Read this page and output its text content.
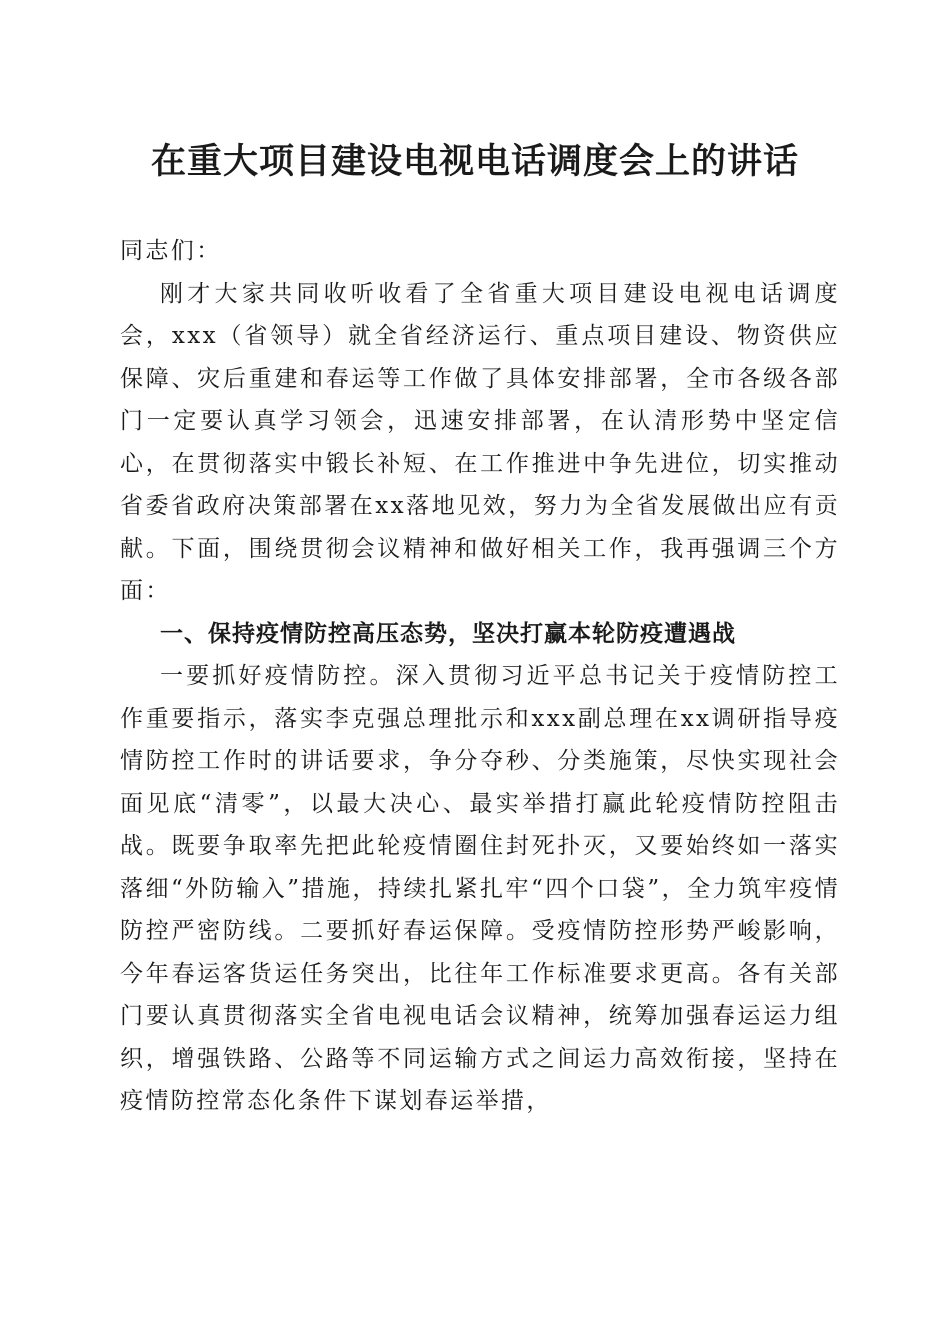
在重大项目建设电视电话调度会上的讲话

同志们：

刚才大家共同收听收看了全省重大项目建设电视电话调度会，xxx（省领导）就全省经济运行、重点项目建设、物资供应保障、灾后重建和春运等工作做了具体安排部署，全市各级各部门一定要认真学习领会，迅速安排部署，在认清形势中坚定信心，在贯彻落实中锻长补短、在工作推进中争先进位，切实推动省委省政府决策部署在xx落地见效，努力为全省发展做出应有贡献。下面，围绕贯彻会议精神和做好相关工作，我再强调三个方面：

一、保持疫情防控高压态势，坚决打赢本轮防疫遭遇战

一要抓好疫情防控。深入贯彻习近平总书记关于疫情防控工作重要指示，落实李克强总理批示和xxx副总理在xx调研指导疫情防控工作时的讲话要求，争分夺秒、分类施策，尽快实现社会面见底“清零”，以最大决心、最实举措打赢此轮疫情防控阻击战。既要争取率先把此轮疫情圈住封死扑灭，又要始终如一落实落细“外防输入”措施，持续扎紧扎牢“四个口袋”，全力筑牢疫情防控严密防线。二要抓好春运保障。受疫情防控形势严峻影响，今年春运客货运任务突出，比往年工作标准要求更高。各有关部门要认真贯彻落实全省电视电话会议精神，统筹加强春运运力组织，增强铁路、公路等不同运输方式之间运力高效衔接，坚持在疫情防控常态化条件下谋划春运举措，
